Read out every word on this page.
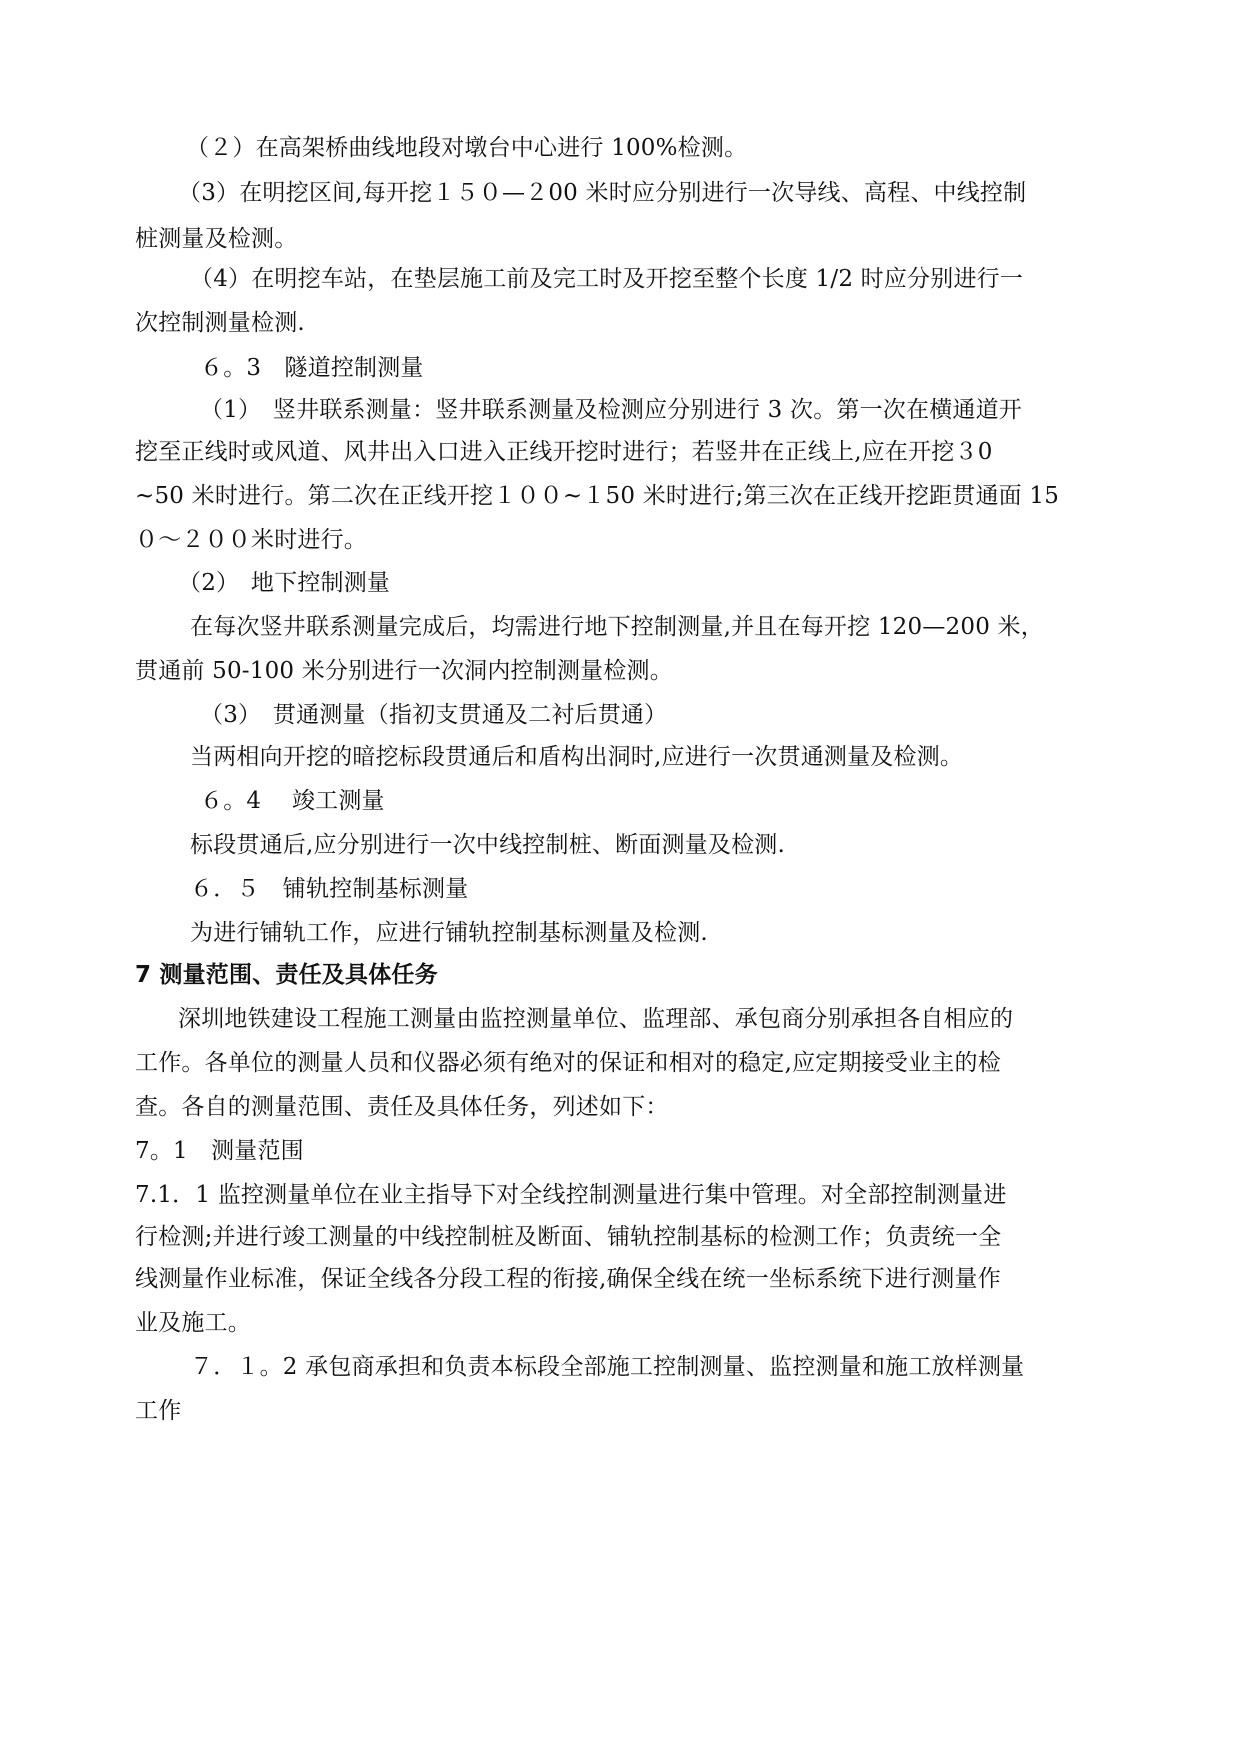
（２）在高架桥曲线地段对墩台中心进行 100%检测。
（3）在明挖区间,每开挖１５０—２00 米时应分别进行一次导线、高程、中线控制
桩测量及检测。
（4）在明挖车站，在垫层施工前及完工时及开挖至整个长度 1/2 时应分别进行一
次控制测量检测.
６。3　隧道控制测量
（1）　竖井联系测量：竖井联系测量及检测应分别进行 3 次。第一次在横通道开
挖至正线时或风道、风井出入口进入正线开挖时进行；若竖井在正线上,应在开挖３0
~50 米时进行。第二次在正线开挖１００~１50 米时进行;第三次在正线开挖距贯通面 15
０～２００米时进行。
（2）　地下控制测量
在每次竖井联系测量完成后，均需进行地下控制测量,并且在每开挖 120—200 米，
贯通前 50-100 米分别进行一次洞内控制测量检测。
（3）　贯通测量（指初支贯通及二衬后贯通）
当两相向开挖的暗挖标段贯通后和盾构出洞时,应进行一次贯通测量及检测。
６。4　 竣工测量
标段贯通后,应分别进行一次中线控制桩、断面测量及检测.
６．５　铺轨控制基标测量
为进行铺轨工作，应进行铺轨控制基标测量及检测.
7 测量范围、责任及具体任务
深圳地铁建设工程施工测量由监控测量单位、监理部、承包商分别承担各自相应的
工作。各单位的测量人员和仪器必须有绝对的保证和相对的稳定,应定期接受业主的检
查。各自的测量范围、责任及具体任务，列述如下：
7。1　测量范围
7.1．1 监控测量单位在业主指导下对全线控制测量进行集中管理。对全部控制测量进
行检测;并进行竣工测量的中线控制桩及断面、铺轨控制基标的检测工作；负责统一全
线测量作业标准，保证全线各分段工程的衔接,确保全线在统一坐标系统下进行测量作
业及施工。
７．１。2 承包商承担和负责本标段全部施工控制测量、监控测量和施工放样测量
工作
